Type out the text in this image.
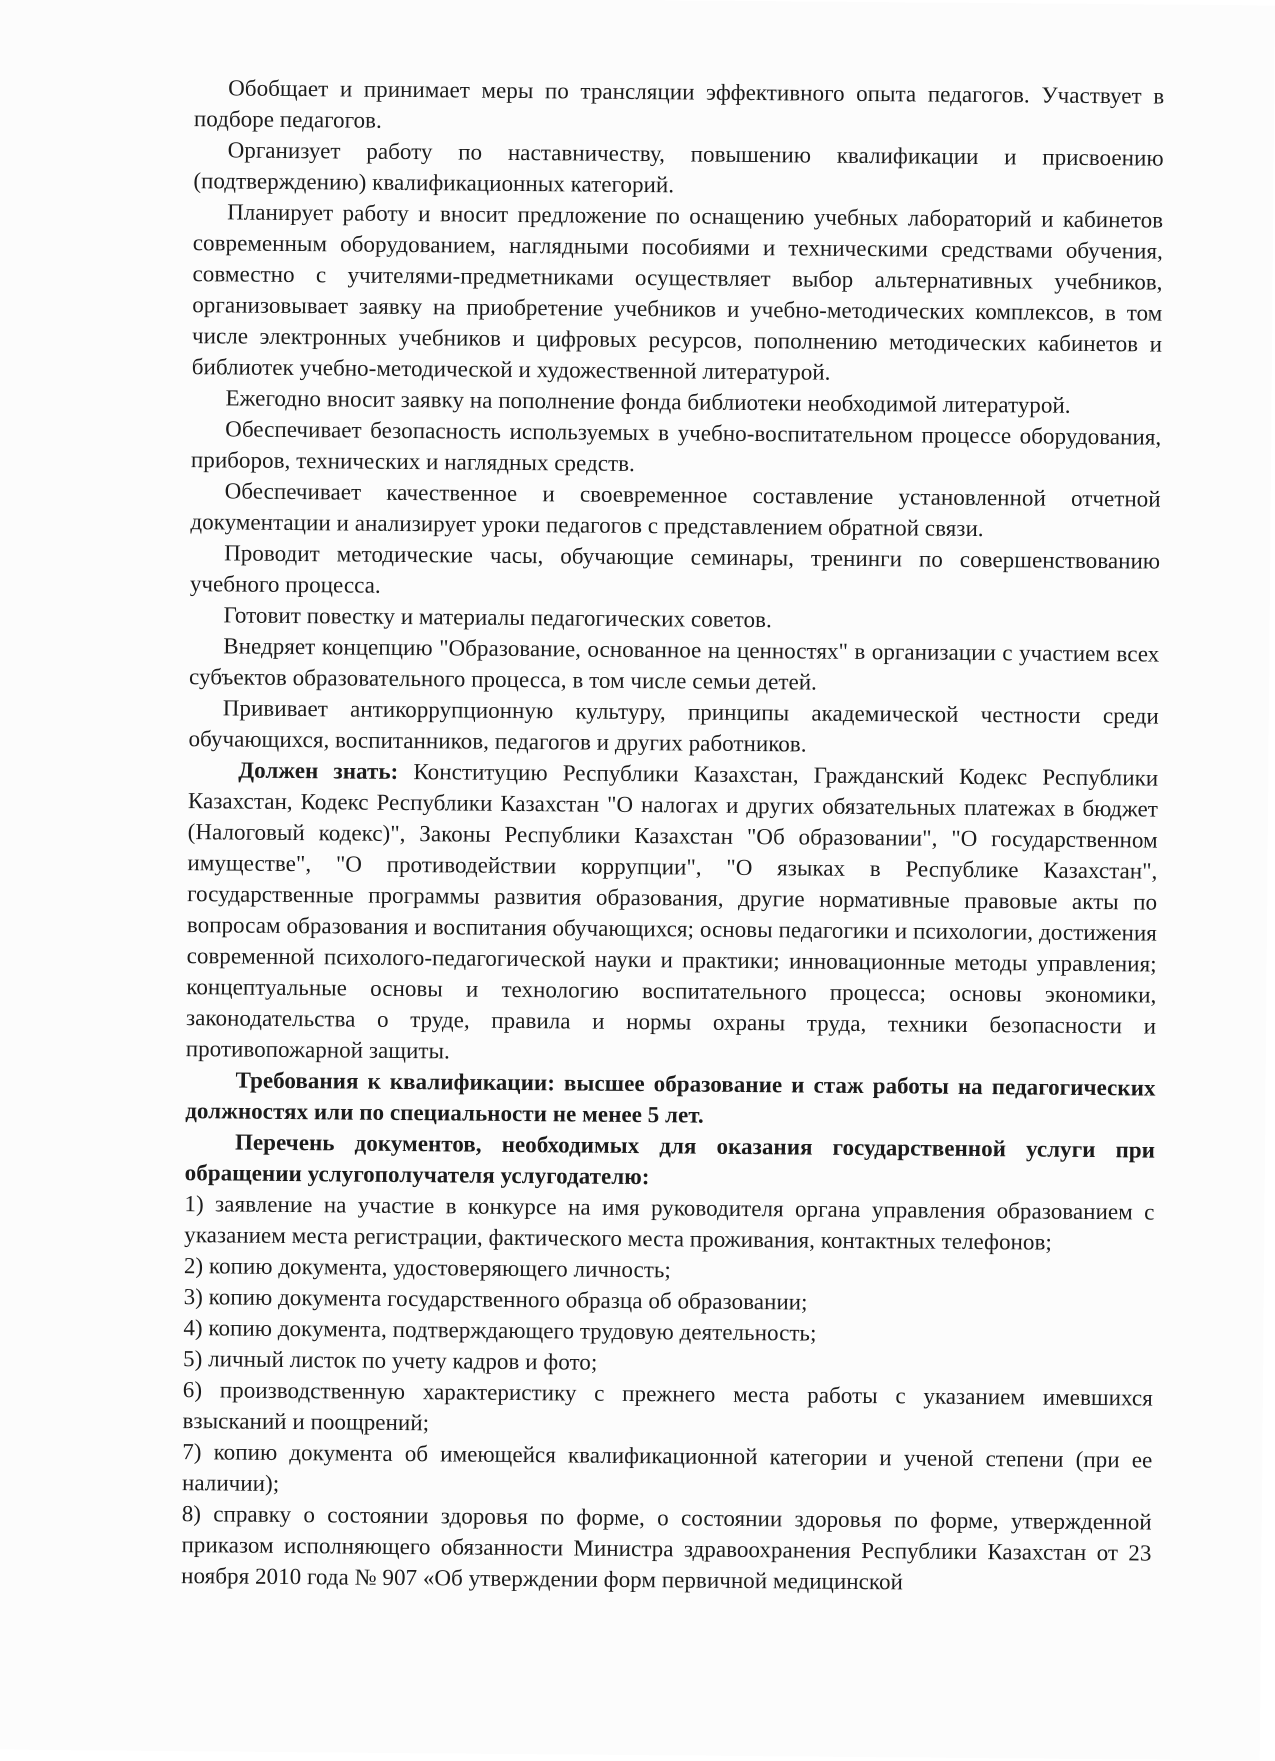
Обобщает и принимает меры по трансляции эффективного опыта педагогов. Участвует в подборе педагогов.

Организует работу по наставничеству, повышению квалификации и присвоению (подтверждению) квалификационных категорий.

Планирует работу и вносит предложение по оснащению учебных лабораторий и кабинетов современным оборудованием, наглядными пособиями и техническими средствами обучения, совместно с учителями-предметниками осуществляет выбор альтернативных учебников, организовывает заявку на приобретение учебников и учебно-методических комплексов, в том числе электронных учебников и цифровых ресурсов, пополнению методических кабинетов и библиотек учебно-методической и художественной литературой.

Ежегодно вносит заявку на пополнение фонда библиотеки необходимой литературой.

Обеспечивает безопасность используемых в учебно-воспитательном процессе оборудования, приборов, технических и наглядных средств.

Обеспечивает качественное и своевременное составление установленной отчетной документации и анализирует уроки педагогов с представлением обратной связи.

Проводит методические часы, обучающие семинары, тренинги по совершенствованию учебного процесса.

Готовит повестку и материалы педагогических советов.

Внедряет концепцию "Образование, основанное на ценностях" в организации с участием всех субъектов образовательного процесса, в том числе семьи детей.

Прививает антикоррупционную культуру, принципы академической честности среди обучающихся, воспитанников, педагогов и других работников.

Должен знать: Конституцию Республики Казахстан, Гражданский Кодекс Республики Казахстан, Кодекс Республики Казахстан "О налогах и других обязательных платежах в бюджет (Налоговый кодекс)", Законы Республики Казахстан "Об образовании", "О государственном имуществе", "О противодействии коррупции", "О языках в Республике Казахстан", государственные программы развития образования, другие нормативные правовые акты по вопросам образования и воспитания обучающихся; основы педагогики и психологии, достижения современной психолого-педагогической науки и практики; инновационные методы управления; концептуальные основы и технологию воспитательного процесса; основы экономики, законодательства о труде, правила и нормы охраны труда, техники безопасности и противопожарной защиты.

Требования к квалификации: высшее образование и стаж работы на педагогических должностях или по специальности не менее 5 лет.

Перечень документов, необходимых для оказания государственной услуги при обращении услугополучателя услугодателю:

1) заявление на участие в конкурсе на имя руководителя органа управления образованием с указанием места регистрации, фактического места проживания, контактных телефонов;

2) копию документа, удостоверяющего личность;

3) копию документа государственного образца об образовании;

4) копию документа, подтверждающего трудовую деятельность;

5) личный листок по учету кадров и фото;

6) производственную характеристику с прежнего места работы с указанием имевшихся взысканий и поощрений;

7) копию документа об имеющейся квалификационной категории и ученой степени (при ее наличии);

8) справку о состоянии здоровья по форме, о состоянии здоровья по форме, утвержденной приказом исполняющего обязанности Министра здравоохранения Республики Казахстан от 23 ноября 2010 года № 907 «Об утверждении форм первичной медицинской
